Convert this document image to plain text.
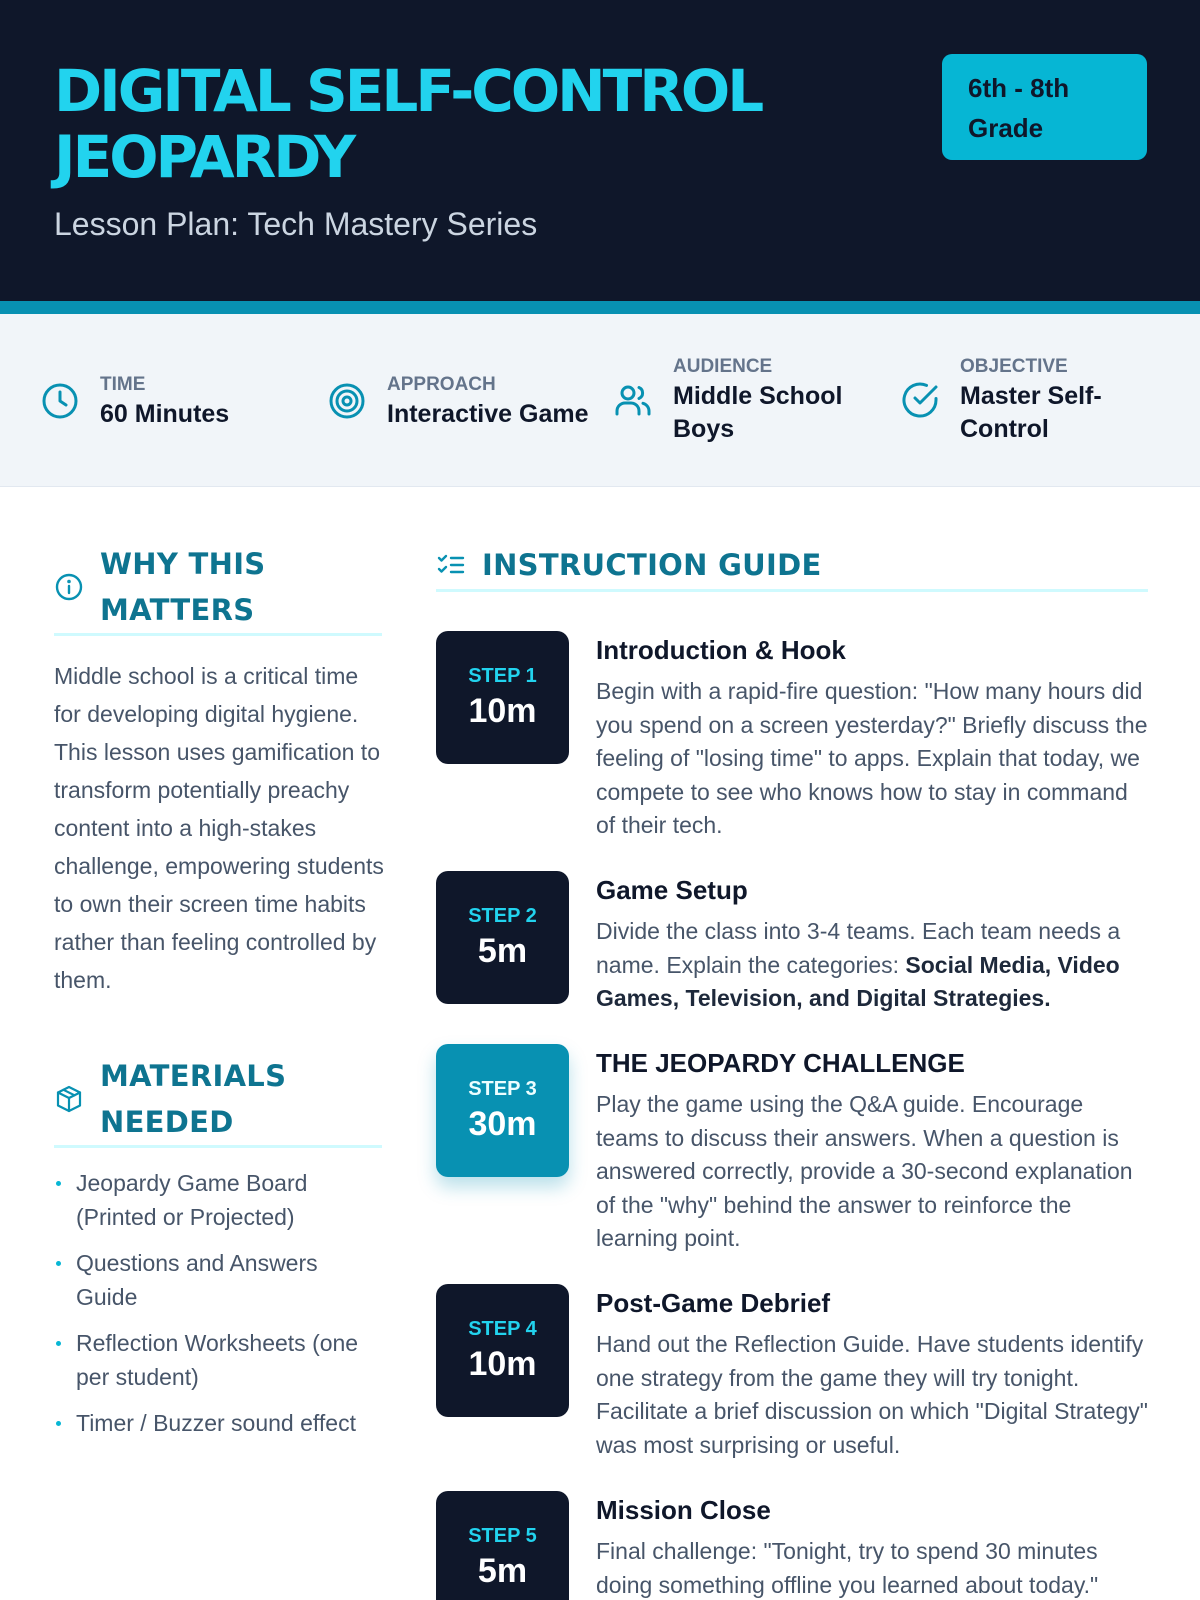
DIGITAL SELF-CONTROL JEOPARDY
Lesson Plan: Tech Mastery Series
6th - 8th Grade
TIME
60 Minutes
APPROACH
Interactive Game
AUDIENCE
Middle School Boys
OBJECTIVE
Master Self-Control
WHY THIS MATTERS

Middle school is a critical time for developing digital hygiene. This lesson uses gamification to transform potentially preachy content into a high-stakes challenge, empowering students to own their screen time habits rather than feeling controlled by them.

MATERIALS NEEDED
Jeopardy Game Board (Printed or Projected)
Questions and Answers Guide
Reflection Worksheets (one per student)
Timer / Buzzer sound effect
INSTRUCTION GUIDE
STEP 1
10m
Introduction & Hook
Begin with a rapid-fire question: "How many hours did you spend on a screen yesterday?" Briefly discuss the feeling of "losing time" to apps. Explain that today, we compete to see who knows how to stay in command of their tech.
STEP 2
5m
Game Setup
Divide the class into 3-4 teams. Each team needs a name. Explain the categories: Social Media, Video Games, Television, and Digital Strategies.
STEP 3
30m
THE JEOPARDY CHALLENGE
Play the game using the Q&A guide. Encourage teams to discuss their answers. When a question is answered correctly, provide a 30-second explanation of the "why" behind the answer to reinforce the learning point.
STEP 4
10m
Post-Game Debrief
Hand out the Reflection Guide. Have students identify one strategy from the game they will try tonight. Facilitate a brief discussion on which "Digital Strategy" was most surprising or useful.
STEP 5
5m
Mission Close
Final challenge: "Tonight, try to spend 30 minutes doing something offline you learned about today."
